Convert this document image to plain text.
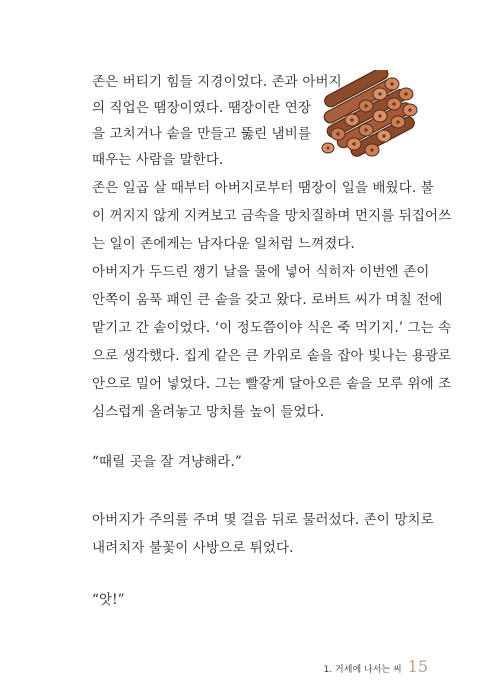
존은 버티기 힘들 지경이었다. 존과 아버지
의 직업은 땜장이였다. 땜장이란 연장
을 고치거나 솥을 만들고 뚫린 냄비를
때우는 사람을 말한다.
존은 일곱 살 때부터 아버지로부터 땜장이 일을 배웠다. 불
이 꺼지지 않게 지켜보고 금속을 망치질하며 먼지를 뒤집어쓰
는 일이 존에게는 남자다운 일처럼 느껴졌다.
아버지가 두드린 쟁기 날을 물에 넣어 식히자 이번엔 존이
안쪽이 움푹 패인 큰 솥을 갖고 왔다. 로버트 씨가 며칠 전에
맡기고 간 솥이었다. ‘이 정도쯤이야 식은 죽 먹기지.’ 그는 속
으로 생각했다. 집게 같은 큰 가위로 솥을 잡아 빛나는 용광로
안으로 밀어 넣었다. 그는 빨갛게 달아오른 솥을 모루 위에 조
심스럽게 올려놓고 망치를 높이 들었다.
“때릴 곳을 잘 겨냥해라.”
아버지가 주의를 주며 몇 걸음 뒤로 물러섰다. 존이 망치로
내려치자 불꽃이 사방으로 튀었다.
“앗!”
1. 거세에 나서는 씨 15
